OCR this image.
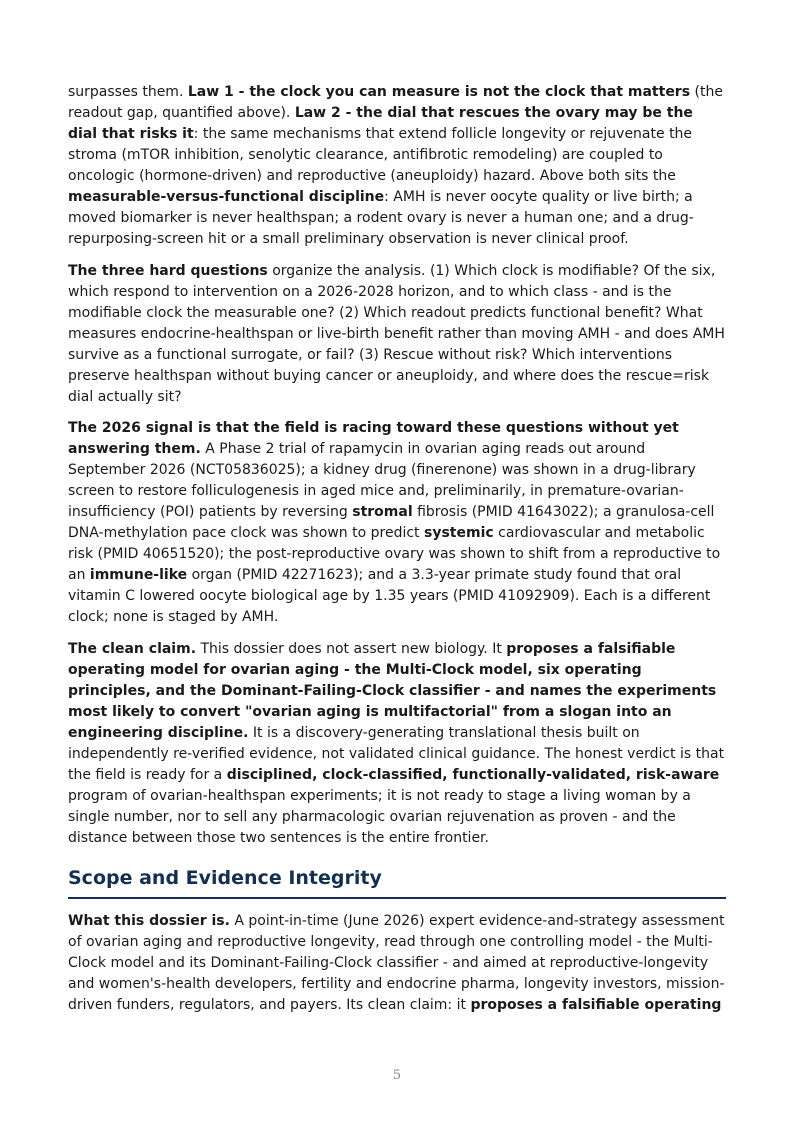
surpasses them. Law 1 - the clock you can measure is not the clock that matters (the readout gap, quantified above). Law 2 - the dial that rescues the ovary may be the dial that risks it: the same mechanisms that extend follicle longevity or rejuvenate the stroma (mTOR inhibition, senolytic clearance, antifibrotic remodeling) are coupled to oncologic (hormone-driven) and reproductive (aneuploidy) hazard. Above both sits the measurable-versus-functional discipline: AMH is never oocyte quality or live birth; a moved biomarker is never healthspan; a rodent ovary is never a human one; and a drug-repurposing-screen hit or a small preliminary observation is never clinical proof.

The three hard questions organize the analysis. (1) Which clock is modifiable? Of the six, which respond to intervention on a 2026-2028 horizon, and to which class - and is the modifiable clock the measurable one? (2) Which readout predicts functional benefit? What measures endocrine-healthspan or live-birth benefit rather than moving AMH - and does AMH survive as a functional surrogate, or fail? (3) Rescue without risk? Which interventions preserve healthspan without buying cancer or aneuploidy, and where does the rescue=risk dial actually sit?

The 2026 signal is that the field is racing toward these questions without yet answering them. A Phase 2 trial of rapamycin in ovarian aging reads out around September 2026 (NCT05836025); a kidney drug (finerenone) was shown in a drug-library screen to restore folliculogenesis in aged mice and, preliminarily, in premature-ovarian-insufficiency (POI) patients by reversing stromal fibrosis (PMID 41643022); a granulosa-cell DNA-methylation pace clock was shown to predict systemic cardiovascular and metabolic risk (PMID 40651520); the post-reproductive ovary was shown to shift from a reproductive to an immune-like organ (PMID 42271623); and a 3.3-year primate study found that oral vitamin C lowered oocyte biological age by 1.35 years (PMID 41092909). Each is a different clock; none is staged by AMH.

The clean claim. This dossier does not assert new biology. It proposes a falsifiable operating model for ovarian aging - the Multi-Clock model, six operating principles, and the Dominant-Failing-Clock classifier - and names the experiments most likely to convert "ovarian aging is multifactorial" from a slogan into an engineering discipline. It is a discovery-generating translational thesis built on independently re-verified evidence, not validated clinical guidance. The honest verdict is that the field is ready for a disciplined, clock-classified, functionally-validated, risk-aware program of ovarian-healthspan experiments; it is not ready to stage a living woman by a single number, nor to sell any pharmacologic ovarian rejuvenation as proven - and the distance between those two sentences is the entire frontier.

Scope and Evidence Integrity

What this dossier is. A point-in-time (June 2026) expert evidence-and-strategy assessment of ovarian aging and reproductive longevity, read through one controlling model - the Multi-Clock model and its Dominant-Failing-Clock classifier - and aimed at reproductive-longevity and women's-health developers, fertility and endocrine pharma, longevity investors, mission-driven funders, regulators, and payers. Its clean claim: it proposes a falsifiable operating

5
